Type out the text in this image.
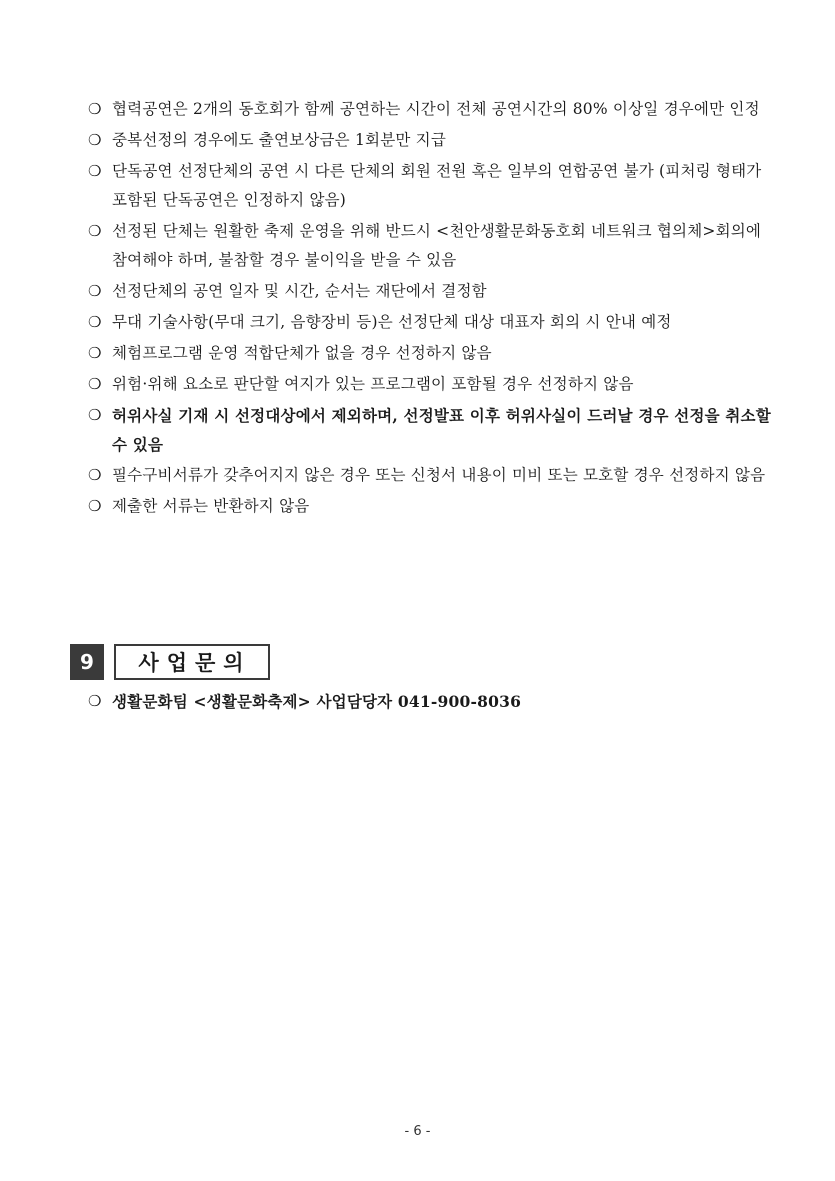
❍ 협력공연은 2개의 동호회가 함께 공연하는 시간이 전체 공연시간의 80% 이상일 경우에만 인정
❍ 중복선정의 경우에도 출연보상금은 1회분만 지급
❍ 단독공연 선정단체의 공연 시 다른 단체의 회원 전원 혹은 일부의 연합공연 불가 (피처링 형태가 포함된 단독공연은 인정하지 않음)
❍ 선정된 단체는 원활한 축제 운영을 위해 반드시 <천안생활문화동호회 네트워크 협의체>회의에 참여해야 하며, 불참할 경우 불이익을 받을 수 있음
❍ 선정단체의 공연 일자 및 시간, 순서는 재단에서 결정함
❍ 무대 기술사항(무대 크기, 음향장비 등)은 선정단체 대상 대표자 회의 시 안내 예정
❍ 체험프로그램 운영 적합단체가 없을 경우 선정하지 않음
❍ 위험·위해 요소로 판단할 여지가 있는 프로그램이 포함될 경우 선정하지 않음
❍ 허위사실 기재 시 선정대상에서 제외하며, 선정발표 이후 허위사실이 드러날 경우 선정을 취소할 수 있음
❍ 필수구비서류가 갖추어지지 않은 경우 또는 신청서 내용이 미비 또는 모호할 경우 선정하지 않음
❍ 제출한 서류는 반환하지 않음
9	사업문의
❍ 생활문화팀 <생활문화축제> 사업담당자 041-900-8036
- 6 -
